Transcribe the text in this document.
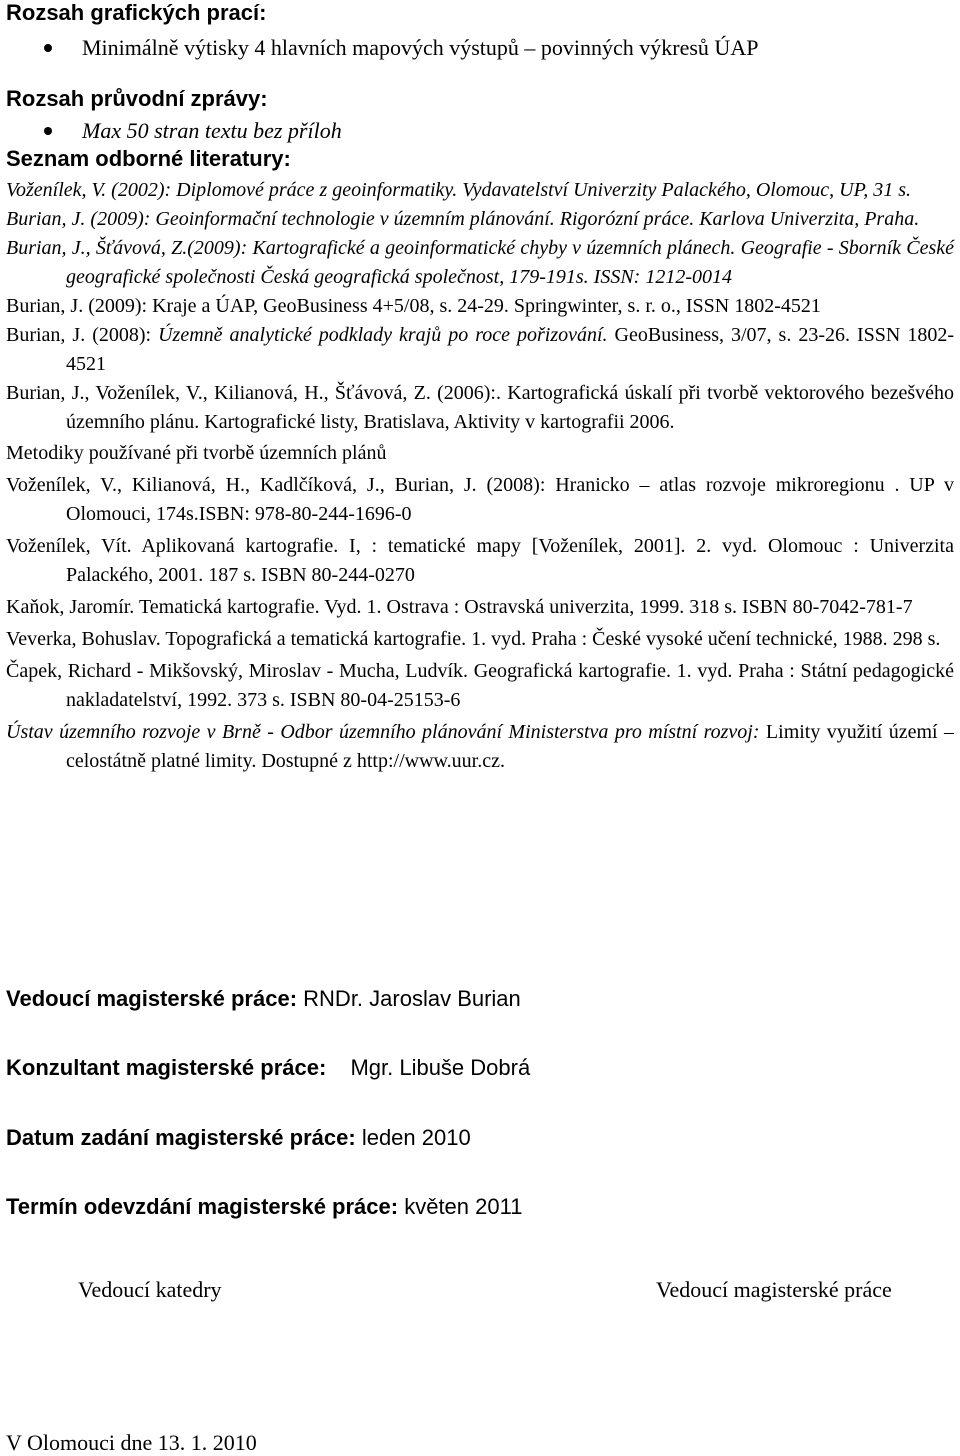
Rozsah grafických prací:
Minimálně výtisky 4 hlavních mapových výstupů – povinných výkresů ÚAP
Rozsah průvodní zprávy:
Max 50 stran textu bez příloh
Seznam odborné literatury:

Voženílek, V. (2002): Diplomové práce z geoinformatiky. Vydavatelství Univerzity Palackého, Olomouc, UP, 31 s.

Burian, J. (2009): Geoinformační technologie v územním plánování. Rigorózní práce. Karlova Univerzita, Praha.

Burian, J., Šťávová, Z.(2009): Kartografické a geoinformatické chyby v územních plánech. Geografie - Sborník České geografické společnosti Česká geografická společnost, 179-191s. ISSN: 1212-0014

Burian, J. (2009): Kraje a ÚAP, GeoBusiness 4+5/08, s. 24-29. Springwinter, s. r. o., ISSN 1802-4521

Burian, J. (2008): Územně analytické podklady krajů po roce pořizování. GeoBusiness, 3/07, s. 23-26. ISSN 1802-4521

Burian, J., Voženílek, V., Kilianová, H., Šťávová, Z. (2006):. Kartografická úskalí při tvorbě vektorového bezešvého územního plánu. Kartografické listy, Bratislava, Aktivity v kartografii 2006.

Metodiky používané při tvorbě územních plánů

Voženílek, V., Kilianová, H., Kadlčíková, J., Burian, J. (2008): Hranicko – atlas rozvoje mikroregionu . UP v Olomouci, 174s.ISBN: 978-80-244-1696-0

Voženílek, Vít. Aplikovaná kartografie. I, : tematické mapy [Voženílek, 2001]. 2. vyd. Olomouc : Univerzita Palackého, 2001. 187 s. ISBN 80-244-0270

Kaňok, Jaromír. Tematická kartografie. Vyd. 1. Ostrava : Ostravská univerzita, 1999. 318 s. ISBN 80-7042-781-7

Veverka, Bohuslav. Topografická a tematická kartografie. 1. vyd. Praha : České vysoké učení technické, 1988. 298 s.

Čapek, Richard - Mikšovský, Miroslav - Mucha, Ludvík. Geografická kartografie. 1. vyd. Praha : Státní pedagogické nakladatelství, 1992. 373 s. ISBN 80-04-25153-6

Ústav územního rozvoje v Brně - Odbor územního plánování Ministerstva pro místní rozvoj: Limity využití území – celostátně platné limity. Dostupné z http://www.uur.cz.

Vedoucí magisterské práce: RNDr. Jaroslav Burian
Konzultant magisterské práce: Mgr. Libuše Dobrá
Datum zadání magisterské práce: leden 2010
Termín odevzdání magisterské práce: květen 2011
Vedoucí katedry	Vedoucí magisterské práce
V Olomouci dne 13. 1. 2010
